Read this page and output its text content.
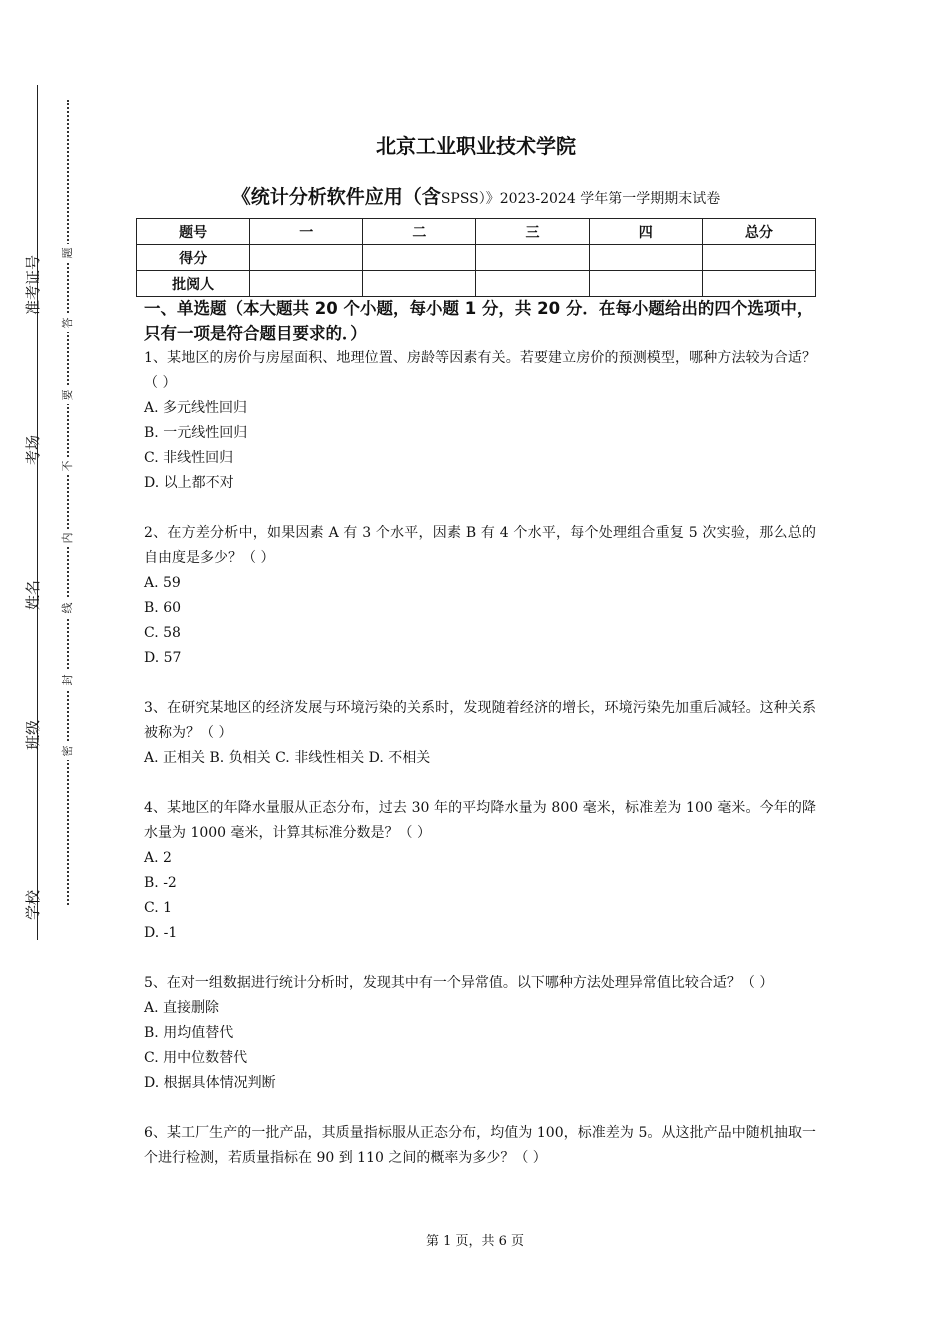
准考证号
考场
姓名
班级
学校
题
答
要
不
内
线
封
密
北京工业职业技术学院
《统计分析软件应用（含SPSS）》2023-2024 学年第一学期期末试卷
题号	一	二	三	四	总分
得分					
批阅人					
一、单选题（本大题共 20 个小题，每小题 1 分，共 20 分．在每小题给出的四个选项中，只有一项是符合题目要求的．）

1、某地区的房价与房屋面积、地理位置、房龄等因素有关。若要建立房价的预测模型，哪种方法较为合适？（ ）

A. 多元线性回归

B. 一元线性回归

C. 非线性回归

D. 以上都不对

2、在方差分析中，如果因素 A 有 3 个水平，因素 B 有 4 个水平，每个处理组合重复 5 次实验，那么总的自由度是多少？（ ）

A. 59

B. 60

C. 58

D. 57

3、在研究某地区的经济发展与环境污染的关系时，发现随着经济的增长，环境污染先加重后减轻。这种关系被称为？（ ）

A. 正相关 B. 负相关 C. 非线性相关 D. 不相关

4、某地区的年降水量服从正态分布，过去 30 年的平均降水量为 800 毫米，标准差为 100 毫米。今年的降水量为 1000 毫米，计算其标准分数是？（ ）

A. 2

B. -2

C. 1

D. -1

5、在对一组数据进行统计分析时，发现其中有一个异常值。以下哪种方法处理异常值比较合适？（ ）

A. 直接删除

B. 用均值替代

C. 用中位数替代

D. 根据具体情况判断

6、某工厂生产的一批产品，其质量指标服从正态分布，均值为 100，标准差为 5。从这批产品中随机抽取一个进行检测，若质量指标在 90 到 110 之间的概率为多少？（ ）

第 1 页，共 6 页
